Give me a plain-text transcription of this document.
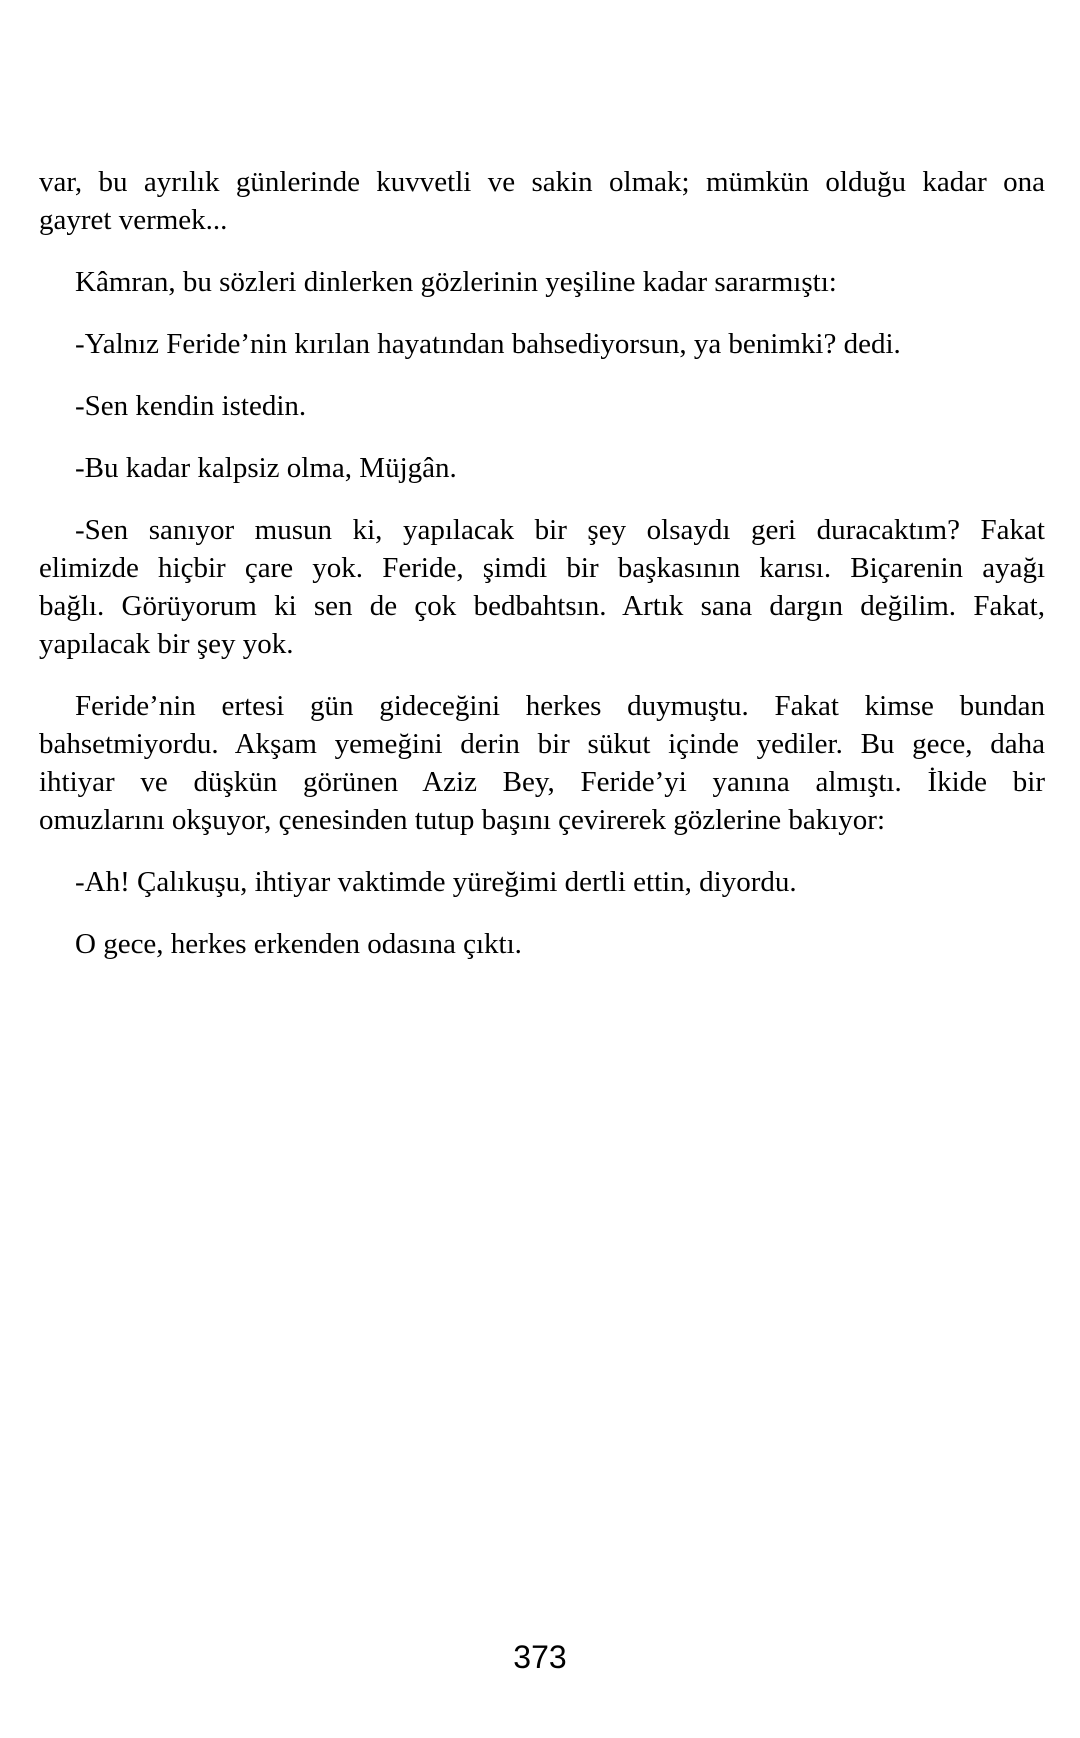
var, bu ayrılık günlerinde kuvvetli ve sakin olmak; mümkün olduğu kadar ona
gayret vermek...
Kâmran, bu sözleri dinlerken gözlerinin yeşiline kadar sararmıştı:
-Yalnız Feride’nin kırılan hayatından bahsediyorsun, ya benimki? dedi.
-Sen kendin istedin.
-Bu kadar kalpsiz olma, Müjgân.
-Sen sanıyor musun ki, yapılacak bir şey olsaydı geri duracaktım? Fakat
elimizde hiçbir çare yok. Feride, şimdi bir başkasının karısı. Biçarenin ayağı
bağlı. Görüyorum ki sen de çok bedbahtsın. Artık sana dargın değilim. Fakat,
yapılacak bir şey yok.
Feride’nin ertesi gün gideceğini herkes duymuştu. Fakat kimse bundan
bahsetmiyordu. Akşam yemeğini derin bir sükut içinde yediler. Bu gece, daha
ihtiyar ve düşkün görünen Aziz Bey, Feride’yi yanına almıştı. İkide bir
omuzlarını okşuyor, çenesinden tutup başını çevirerek gözlerine bakıyor:
-Ah! Çalıkuşu, ihtiyar vaktimde yüreğimi dertli ettin, diyordu.
O gece, herkes erkenden odasına çıktı.
373
